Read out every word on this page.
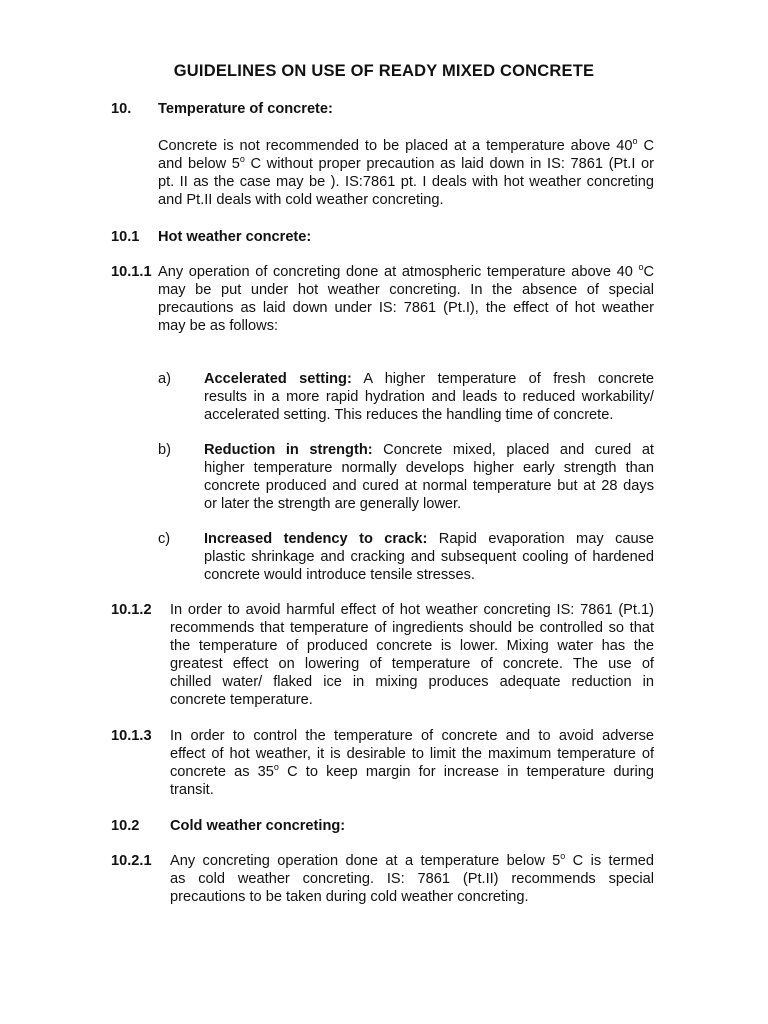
GUIDELINES ON USE OF READY MIXED CONCRETE
10. Temperature of concrete:
Concrete is not recommended to be placed at a temperature above 40$^o$ C
and below 5$^o$ C without proper precaution as laid down in IS: 7861 (Pt.I or
pt. II as the case may be ). IS:7861 pt. I deals with hot weather concreting
and Pt.II deals with cold weather concreting.
10.1 Hot weather concrete:
10.1.1 Any operation of concreting done at atmospheric temperature above 40 $^o$C
may be put under hot weather concreting. In the absence of special
precautions as laid down under IS: 7861 (Pt.I), the effect of hot weather
may be as follows:
a) Accelerated setting: A higher temperature of fresh concrete
results in a more rapid hydration and leads to reduced workability/
accelerated setting. This reduces the handling time of concrete.
b) Reduction in strength: Concrete mixed, placed and cured at
higher temperature normally develops higher early strength than
concrete produced and cured at normal temperature but at 28 days
or later the strength are generally lower.
c) Increased tendency to crack: Rapid evaporation may cause
plastic shrinkage and cracking and subsequent cooling of hardened
concrete would introduce tensile stresses.
10.1.2 In order to avoid harmful effect of hot weather concreting IS: 7861 (Pt.1)
recommends that temperature of ingredients should be controlled so that
the temperature of produced concrete is lower. Mixing water has the
greatest effect on lowering of temperature of concrete. The use of
chilled water/ flaked ice in mixing produces adequate reduction in
concrete temperature.
10.1.3 In order to control the temperature of concrete and to avoid adverse
effect of hot weather, it is desirable to limit the maximum temperature of
concrete as 35$^o$ C to keep margin for increase in temperature during
transit.
10.2 Cold weather concreting:
10.2.1 Any concreting operation done at a temperature below 5$^o$ C is termed
as cold weather concreting. IS: 7861 (Pt.II) recommends special
precautions to be taken during cold weather concreting.
